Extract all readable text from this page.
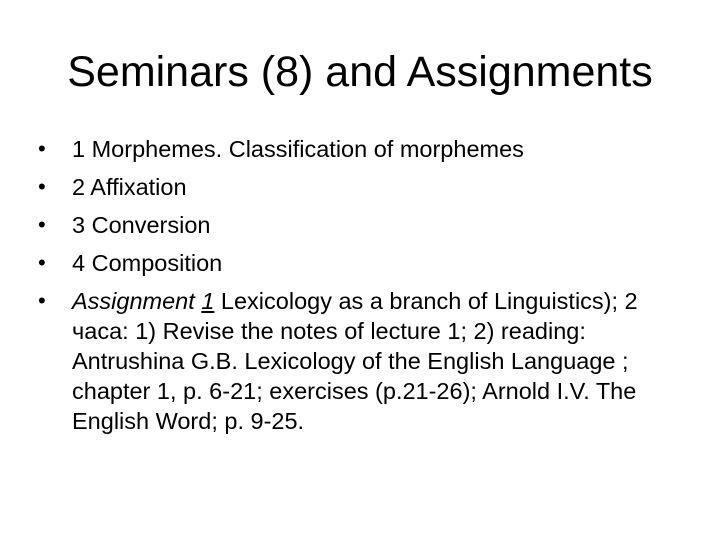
Seminars (8) and Assignments
•	1 Morphemes. Classification of morphemes
•	2 Affixation
•	3 Conversion
•	4 Composition
•	Assignment 1 Lexicology as a branch of Linguistics); 2 часа: 1) Revise the notes of lecture 1; 2) reading: Antrushina G.B. Lexicology of the English Language ; chapter 1, p. 6-21; exercises (p.21-26); Arnold I.V. The English Word; p. 9-25.
